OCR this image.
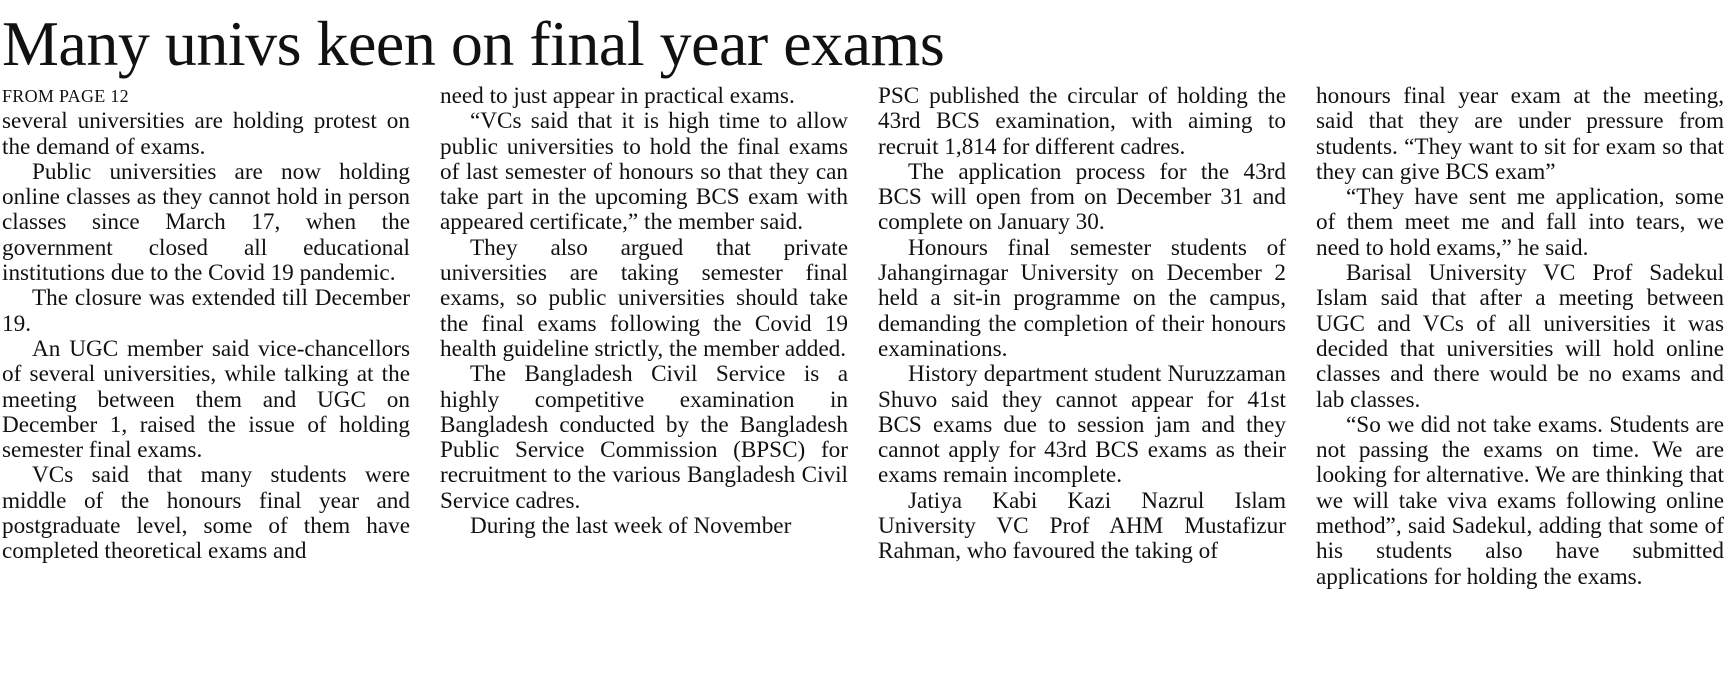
Many univs keen on final year exams
FROM PAGE 12

several universities are holding protest on the demand of exams.

Public universities are now holding online classes as they cannot hold in person classes since March 17, when the government closed all educational institutions due to the Covid 19 pandemic.

The closure was extended till December 19.

An UGC member said vice-chancellors of several universities, while talking at the meeting between them and UGC on December 1, raised the issue of holding semester final exams.

VCs said that many students were middle of the honours final year and postgraduate level, some of them have completed theoretical exams and

need to just appear in practical exams.

“VCs said that it is high time to allow public universities to hold the final exams of last semester of honours so that they can take part in the upcoming BCS exam with appeared certificate,” the member said.

They also argued that private universities are taking semester final exams, so public universities should take the final exams following the Covid 19 health guideline strictly, the member added.

The Bangladesh Civil Service is a highly competitive examination in Bangladesh conducted by the Bangladesh Public Service Commission (BPSC) for recruitment to the various Bangladesh Civil Service cadres.

During the last week of November

PSC published the circular of holding the 43rd BCS examination, with aiming to recruit 1,814 for different cadres.

The application process for the 43rd BCS will open from on December 31 and complete on January 30.

Honours final semester students of Jahangirnagar University on December 2 held a sit-in programme on the campus, demanding the completion of their honours examinations.

History department student Nuruzzaman Shuvo said they cannot appear for 41st BCS exams due to session jam and they cannot apply for 43rd BCS exams as their exams remain incomplete.

Jatiya Kabi Kazi Nazrul Islam University VC Prof AHM Mustafizur Rahman, who favoured the taking of

honours final year exam at the meeting, said that they are under pressure from students. “They want to sit for exam so that they can give BCS exam”

“They have sent me application, some of them meet me and fall into tears, we need to hold exams,” he said.

Barisal University VC Prof Sadekul Islam said that after a meeting between UGC and VCs of all universities it was decided that universities will hold online classes and there would be no exams and lab classes.

“So we did not take exams. Students are not passing the exams on time. We are looking for alternative. We are thinking that we will take viva exams following online method”, said Sadekul, adding that some of his students also have submitted applications for holding the exams.
